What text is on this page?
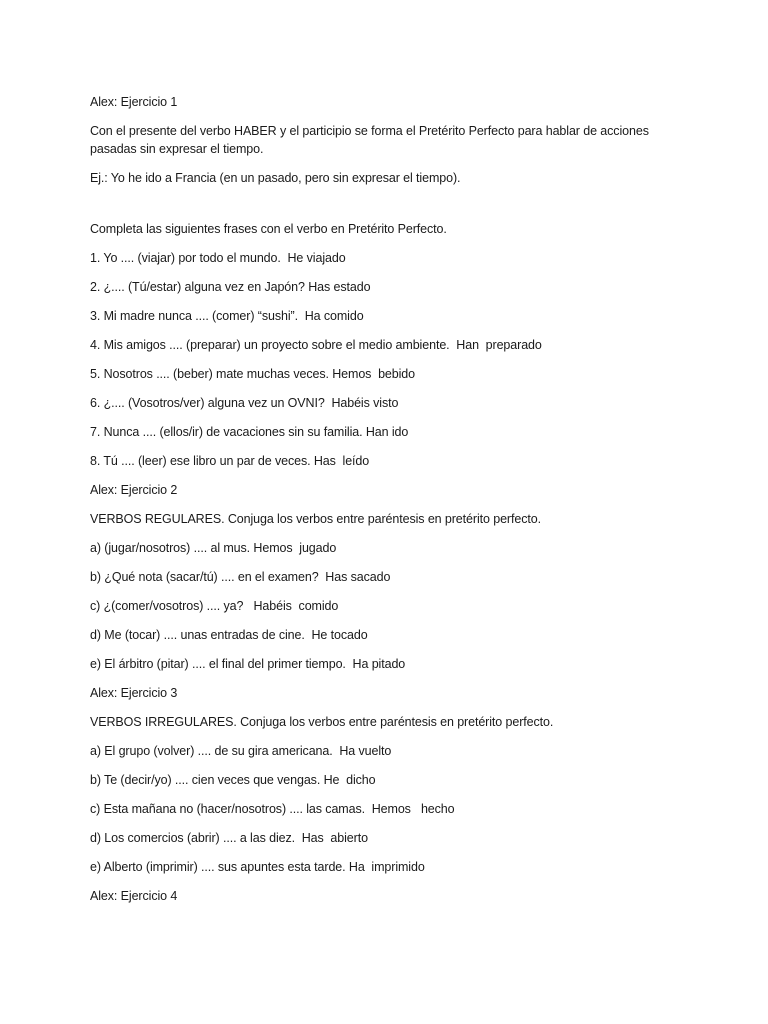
Alex: Ejercicio 1

Con el presente del verbo HABER y el participio se forma el Pretérito Perfecto para hablar de acciones

pasadas sin expresar el tiempo.

Ej.: Yo he ido a Francia (en un pasado, pero sin expresar el tiempo).

Completa las siguientes frases con el verbo en Pretérito Perfecto.

1. Yo .... (viajar) por todo el mundo.  He viajado

2. ¿.... (Tú/estar) alguna vez en Japón? Has estado

3. Mi madre nunca .... (comer) “sushi”.  Ha comido

4. Mis amigos .... (preparar) un proyecto sobre el medio ambiente.  Han  preparado

5. Nosotros .... (beber) mate muchas veces. Hemos  bebido

6. ¿.... (Vosotros/ver) alguna vez un OVNI?  Habéis visto

7. Nunca .... (ellos/ir) de vacaciones sin su familia. Han ido

8. Tú .... (leer) ese libro un par de veces. Has  leído

Alex: Ejercicio 2

VERBOS REGULARES. Conjuga los verbos entre paréntesis en pretérito perfecto.

a) (jugar/nosotros) .... al mus. Hemos  jugado

b) ¿Qué nota (sacar/tú) .... en el examen?  Has sacado

c) ¿(comer/vosotros) .... ya?   Habéis  comido

d) Me (tocar) .... unas entradas de cine.  He tocado

e) El árbitro (pitar) .... el final del primer tiempo.  Ha pitado

Alex: Ejercicio 3

VERBOS IRREGULARES. Conjuga los verbos entre paréntesis en pretérito perfecto.

a) El grupo (volver) .... de su gira americana.  Ha vuelto

b) Te (decir/yo) .... cien veces que vengas. He  dicho

c) Esta mañana no (hacer/nosotros) .... las camas.  Hemos   hecho

d) Los comercios (abrir) .... a las diez.  Has  abierto

e) Alberto (imprimir) .... sus apuntes esta tarde. Ha  imprimido

Alex: Ejercicio 4
